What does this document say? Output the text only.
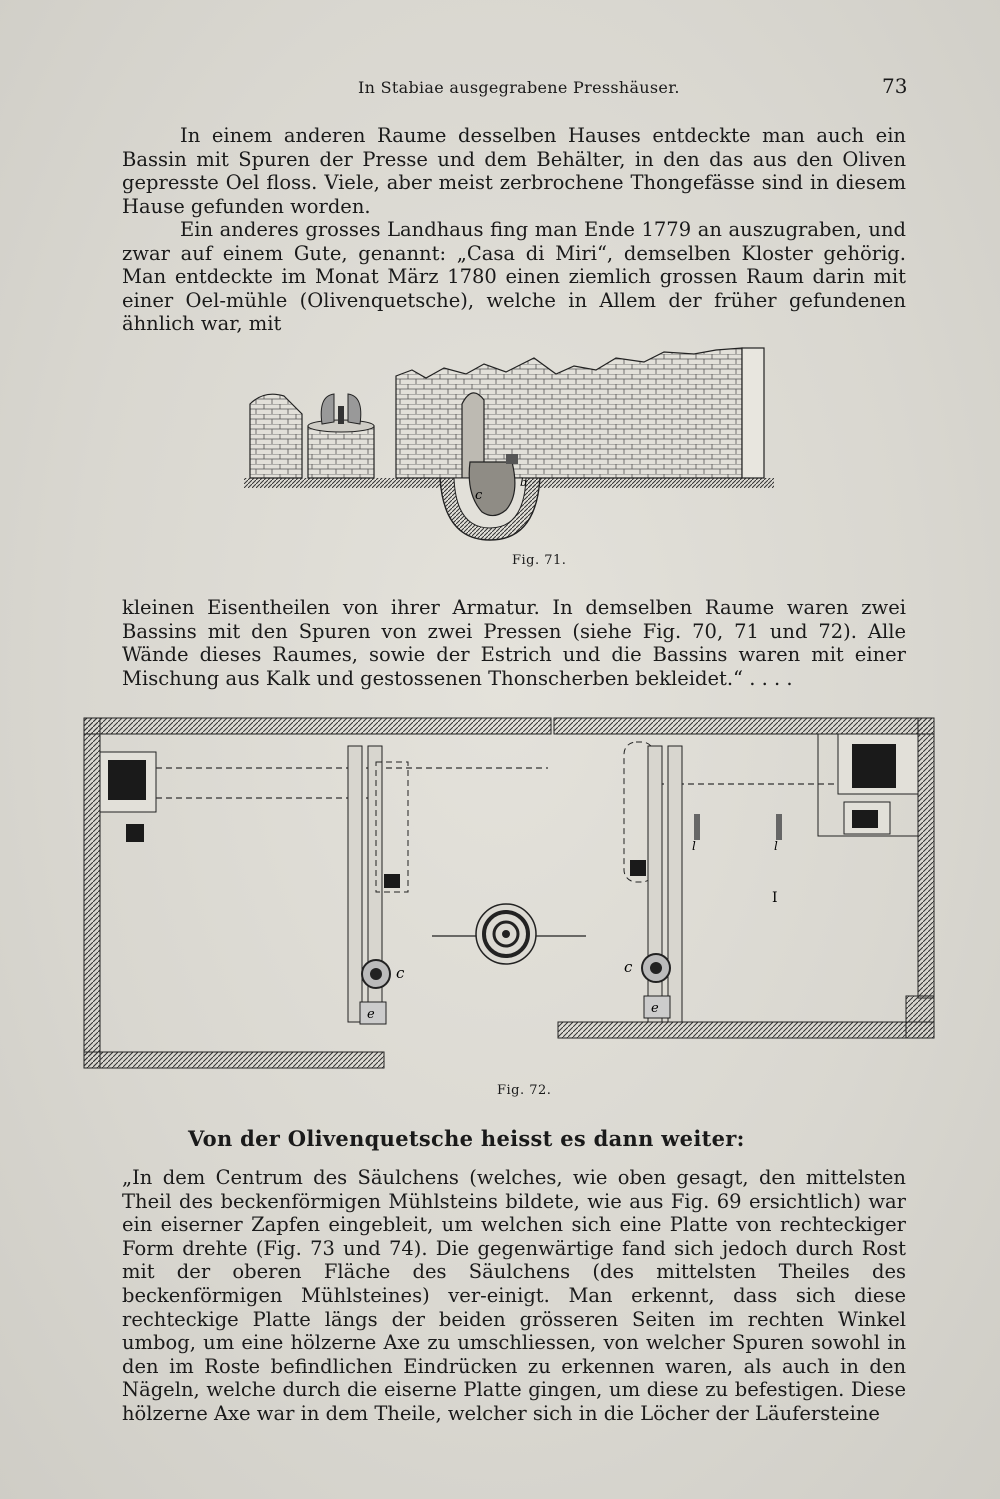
In Stabiae ausgegrabene Presshäuser.	73

In einem anderen Raume desselben Hauses entdeckte man auch ein Bassin mit Spuren der Presse und dem Behälter, in den das aus den Oliven gepresste Oel floss. Viele, aber meist zerbrochene Thongefässe sind in diesem Hause gefunden worden.

Ein anderes grosses Landhaus fing man Ende 1779 an auszugraben, und zwar auf einem Gute, genannt: „Casa di Miri“, demselben Kloster gehörig. Man entdeckte im Monat März 1780 einen ziemlich grossen Raum darin mit einer Oel-mühle (Olivenquetsche), welche in Allem der früher gefundenen ähnlich war, mit

c
b
Fig. 71.

kleinen Eisentheilen von ihrer Armatur. In demselben Raume waren zwei Bassins mit den Spuren von zwei Pressen (siehe Fig. 70, 71 und 72). Alle Wände dieses Raumes, sowie der Estrich und die Bassins waren mit einer Mischung aus Kalk und gestossenen Thonscherben bekleidet.“ . . . .

c
e
c
e
l	l
I
Fig. 72.
Von der Olivenquetsche heisst es dann weiter:

„In dem Centrum des Säulchens (welches, wie oben gesagt, den mittelsten Theil des beckenförmigen Mühlsteins bildete, wie aus Fig. 69 ersichtlich) war ein eiserner Zapfen eingebleit, um welchen sich eine Platte von rechteckiger Form drehte (Fig. 73 und 74). Die gegenwärtige fand sich jedoch durch Rost mit der oberen Fläche des Säulchens (des mittelsten Theiles des beckenförmigen Mühlsteines) ver-einigt. Man erkennt, dass sich diese rechteckige Platte längs der beiden grösseren Seiten im rechten Winkel umbog, um eine hölzerne Axe zu umschliessen, von welcher Spuren sowohl in den im Roste befindlichen Eindrücken zu erkennen waren, als auch in den Nägeln, welche durch die eiserne Platte gingen, um diese zu befestigen. Diese hölzerne Axe war in dem Theile, welcher sich in die Löcher der Läufersteine
